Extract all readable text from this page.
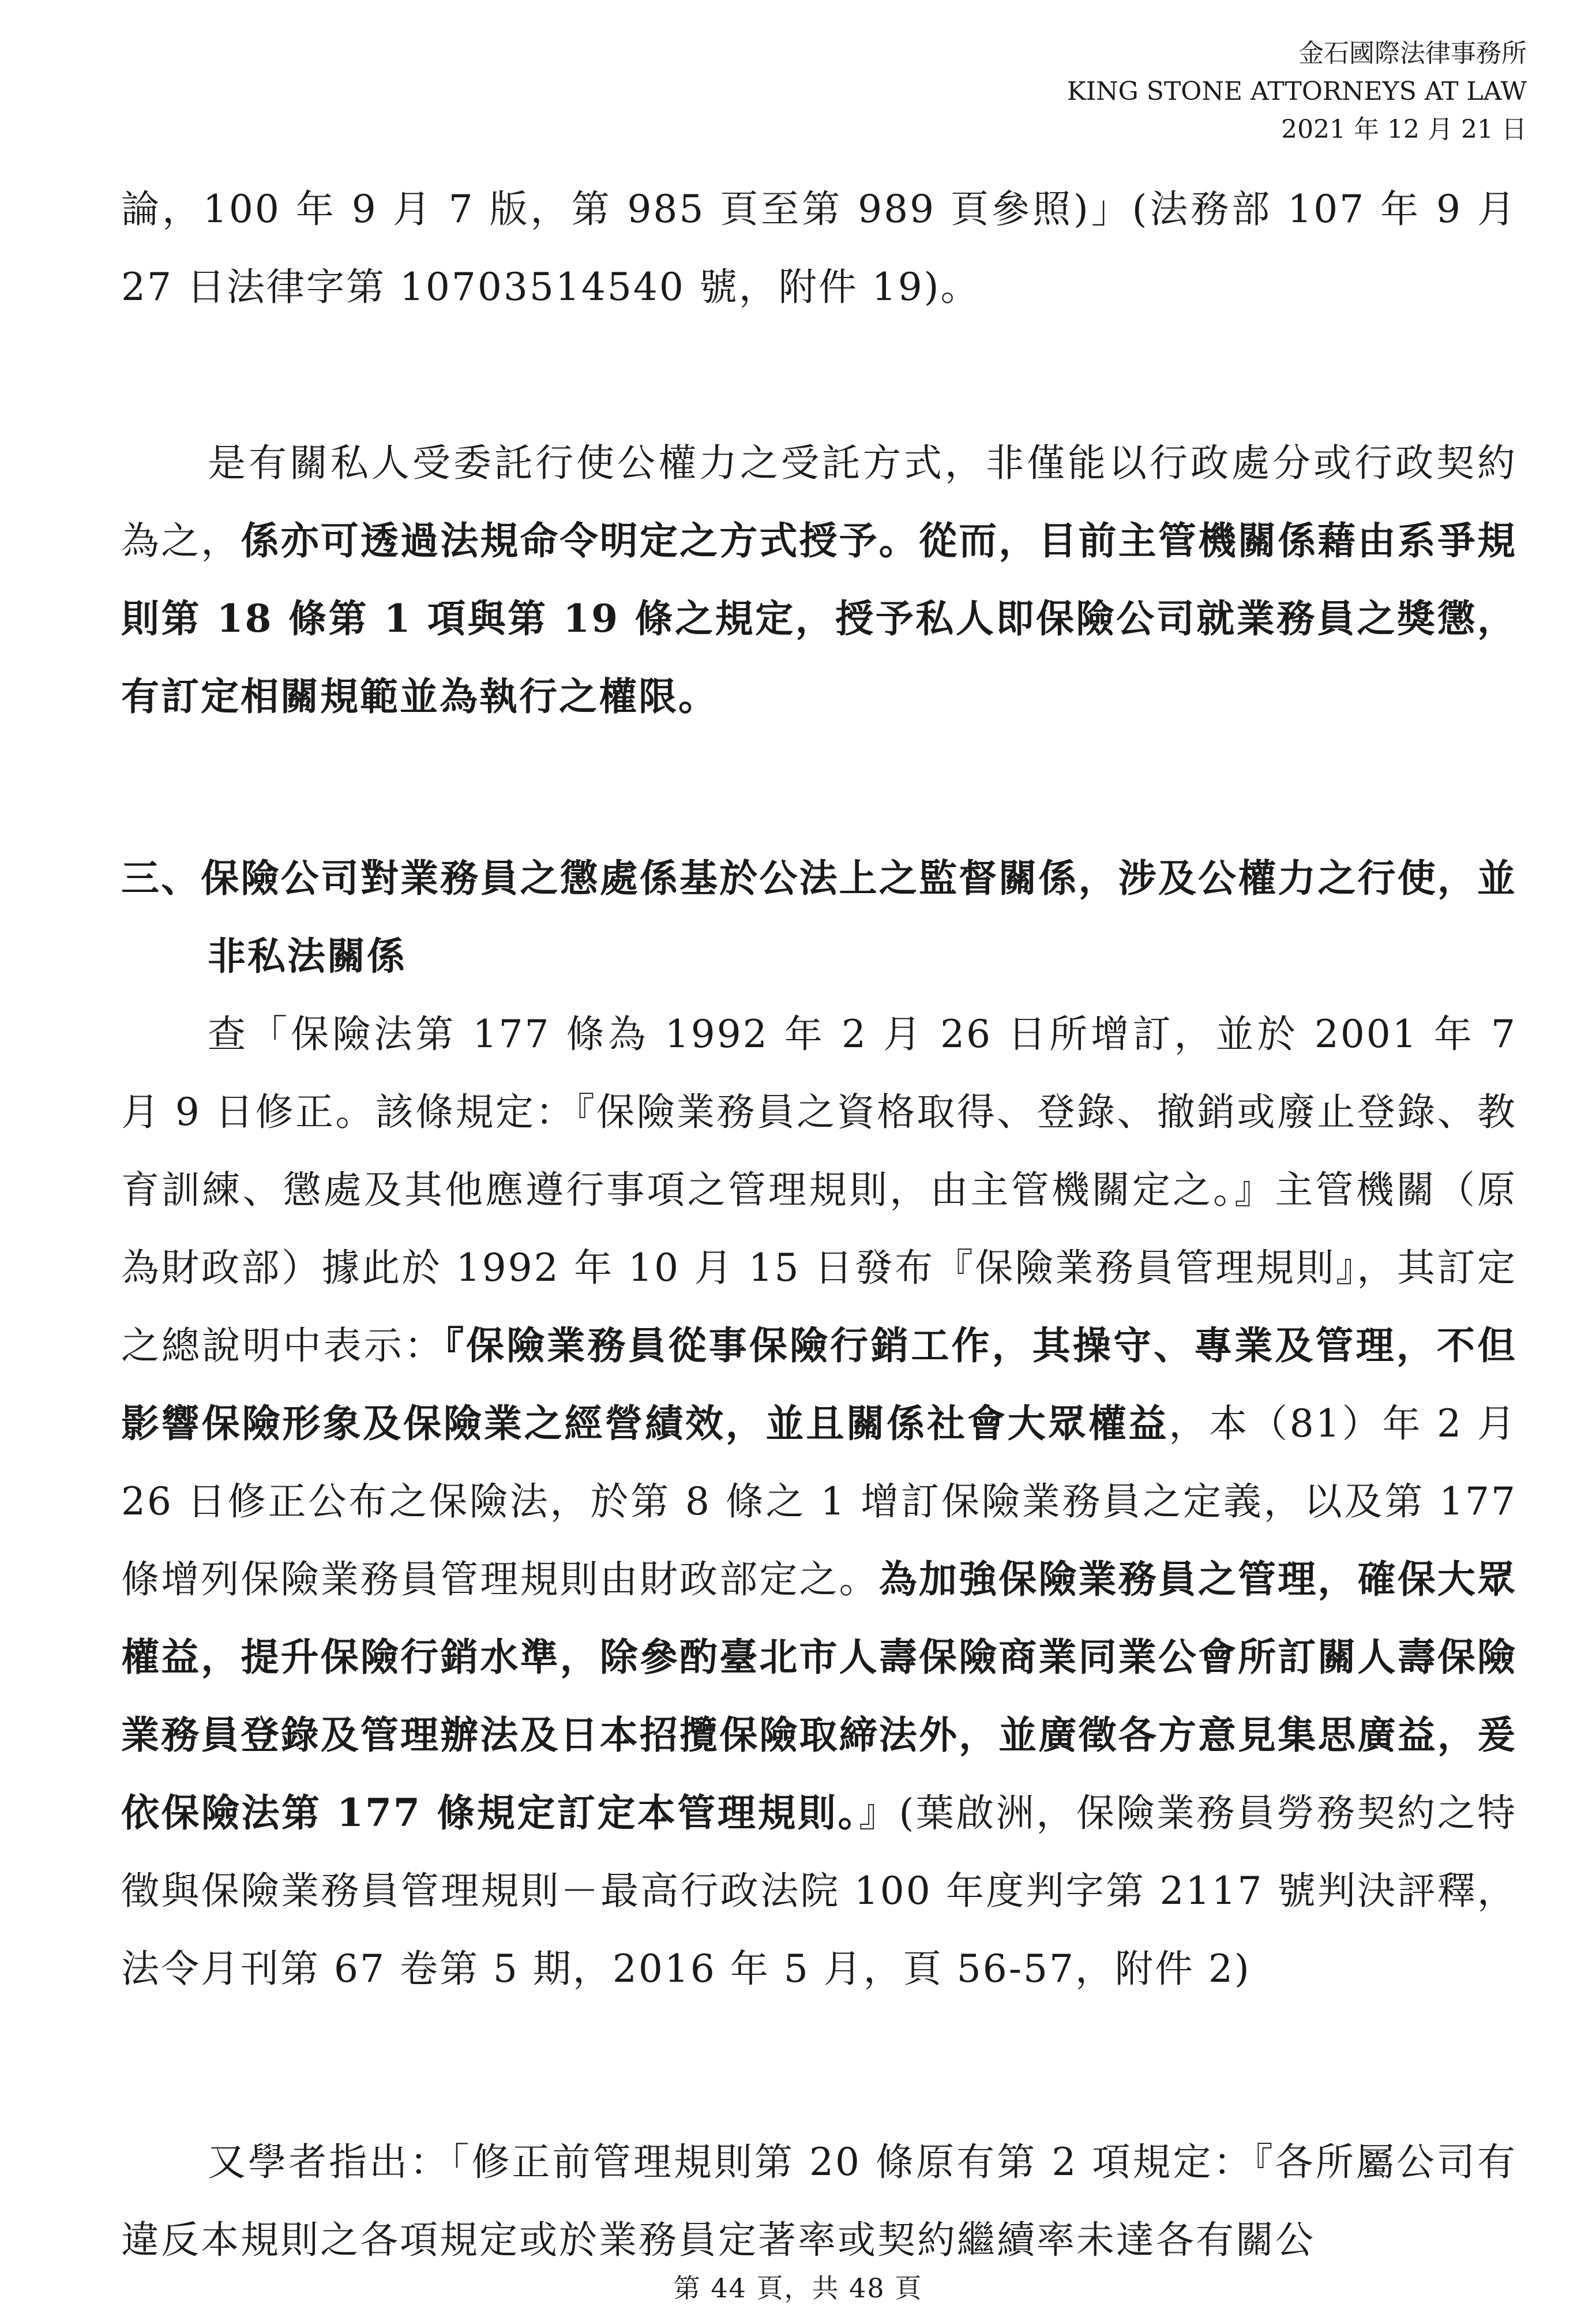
金石國際法律事務所
KING STONE ATTORNEYS AT LAW
2021 年 12 月 21 日

論，100 年 9 月 7 版，第 985 頁至第 989 頁參照)」(法務部 107 年 9 月 27 日法律字第 10703514540 號，附件 19)。

是有關私人受委託行使公權力之受託方式，非僅能以行政處分或行政契約為之，係亦可透過法規命令明定之方式授予。從而，目前主管機關係藉由系爭規則第 18 條第 1 項與第 19 條之規定，授予私人即保險公司就業務員之獎懲，有訂定相關規範並為執行之權限。

三、保險公司對業務員之懲處係基於公法上之監督關係，涉及公權力之行使，並非私法關係

查「保險法第 177 條為 1992 年 2 月 26 日所增訂，並於 2001 年 7 月 9 日修正。該條規定：『保險業務員之資格取得、登錄、撤銷或廢止登錄、教育訓練、懲處及其他應遵行事項之管理規則，由主管機關定之。』主管機關（原為財政部）據此於 1992 年 10 月 15 日發布『保險業務員管理規則』，其訂定之總說明中表示：『保險業務員從事保險行銷工作，其操守、專業及管理，不但影響保險形象及保險業之經營績效，並且關係社會大眾權益，本（81）年 2 月 26 日修正公布之保險法，於第 8 條之 1 增訂保險業務員之定義，以及第 177 條增列保險業務員管理規則由財政部定之。為加強保險業務員之管理，確保大眾權益，提升保險行銷水準，除參酌臺北市人壽保險商業同業公會所訂關人壽保險業務員登錄及管理辦法及日本招攬保險取締法外，並廣徵各方意見集思廣益，爰依保險法第 177 條規定訂定本管理規則。』(葉啟洲，保險業務員勞務契約之特徵與保險業務員管理規則－最高行政法院 100 年度判字第 2117 號判決評釋，法令月刊第 67 卷第 5 期，2016 年 5 月，頁 56-57，附件 2)

又學者指出：「修正前管理規則第 20 條原有第 2 項規定：『各所屬公司有違反本規則之各項規定或於業務員定著率或契約繼續率未達各有關公

第 44 頁，共 48 頁
